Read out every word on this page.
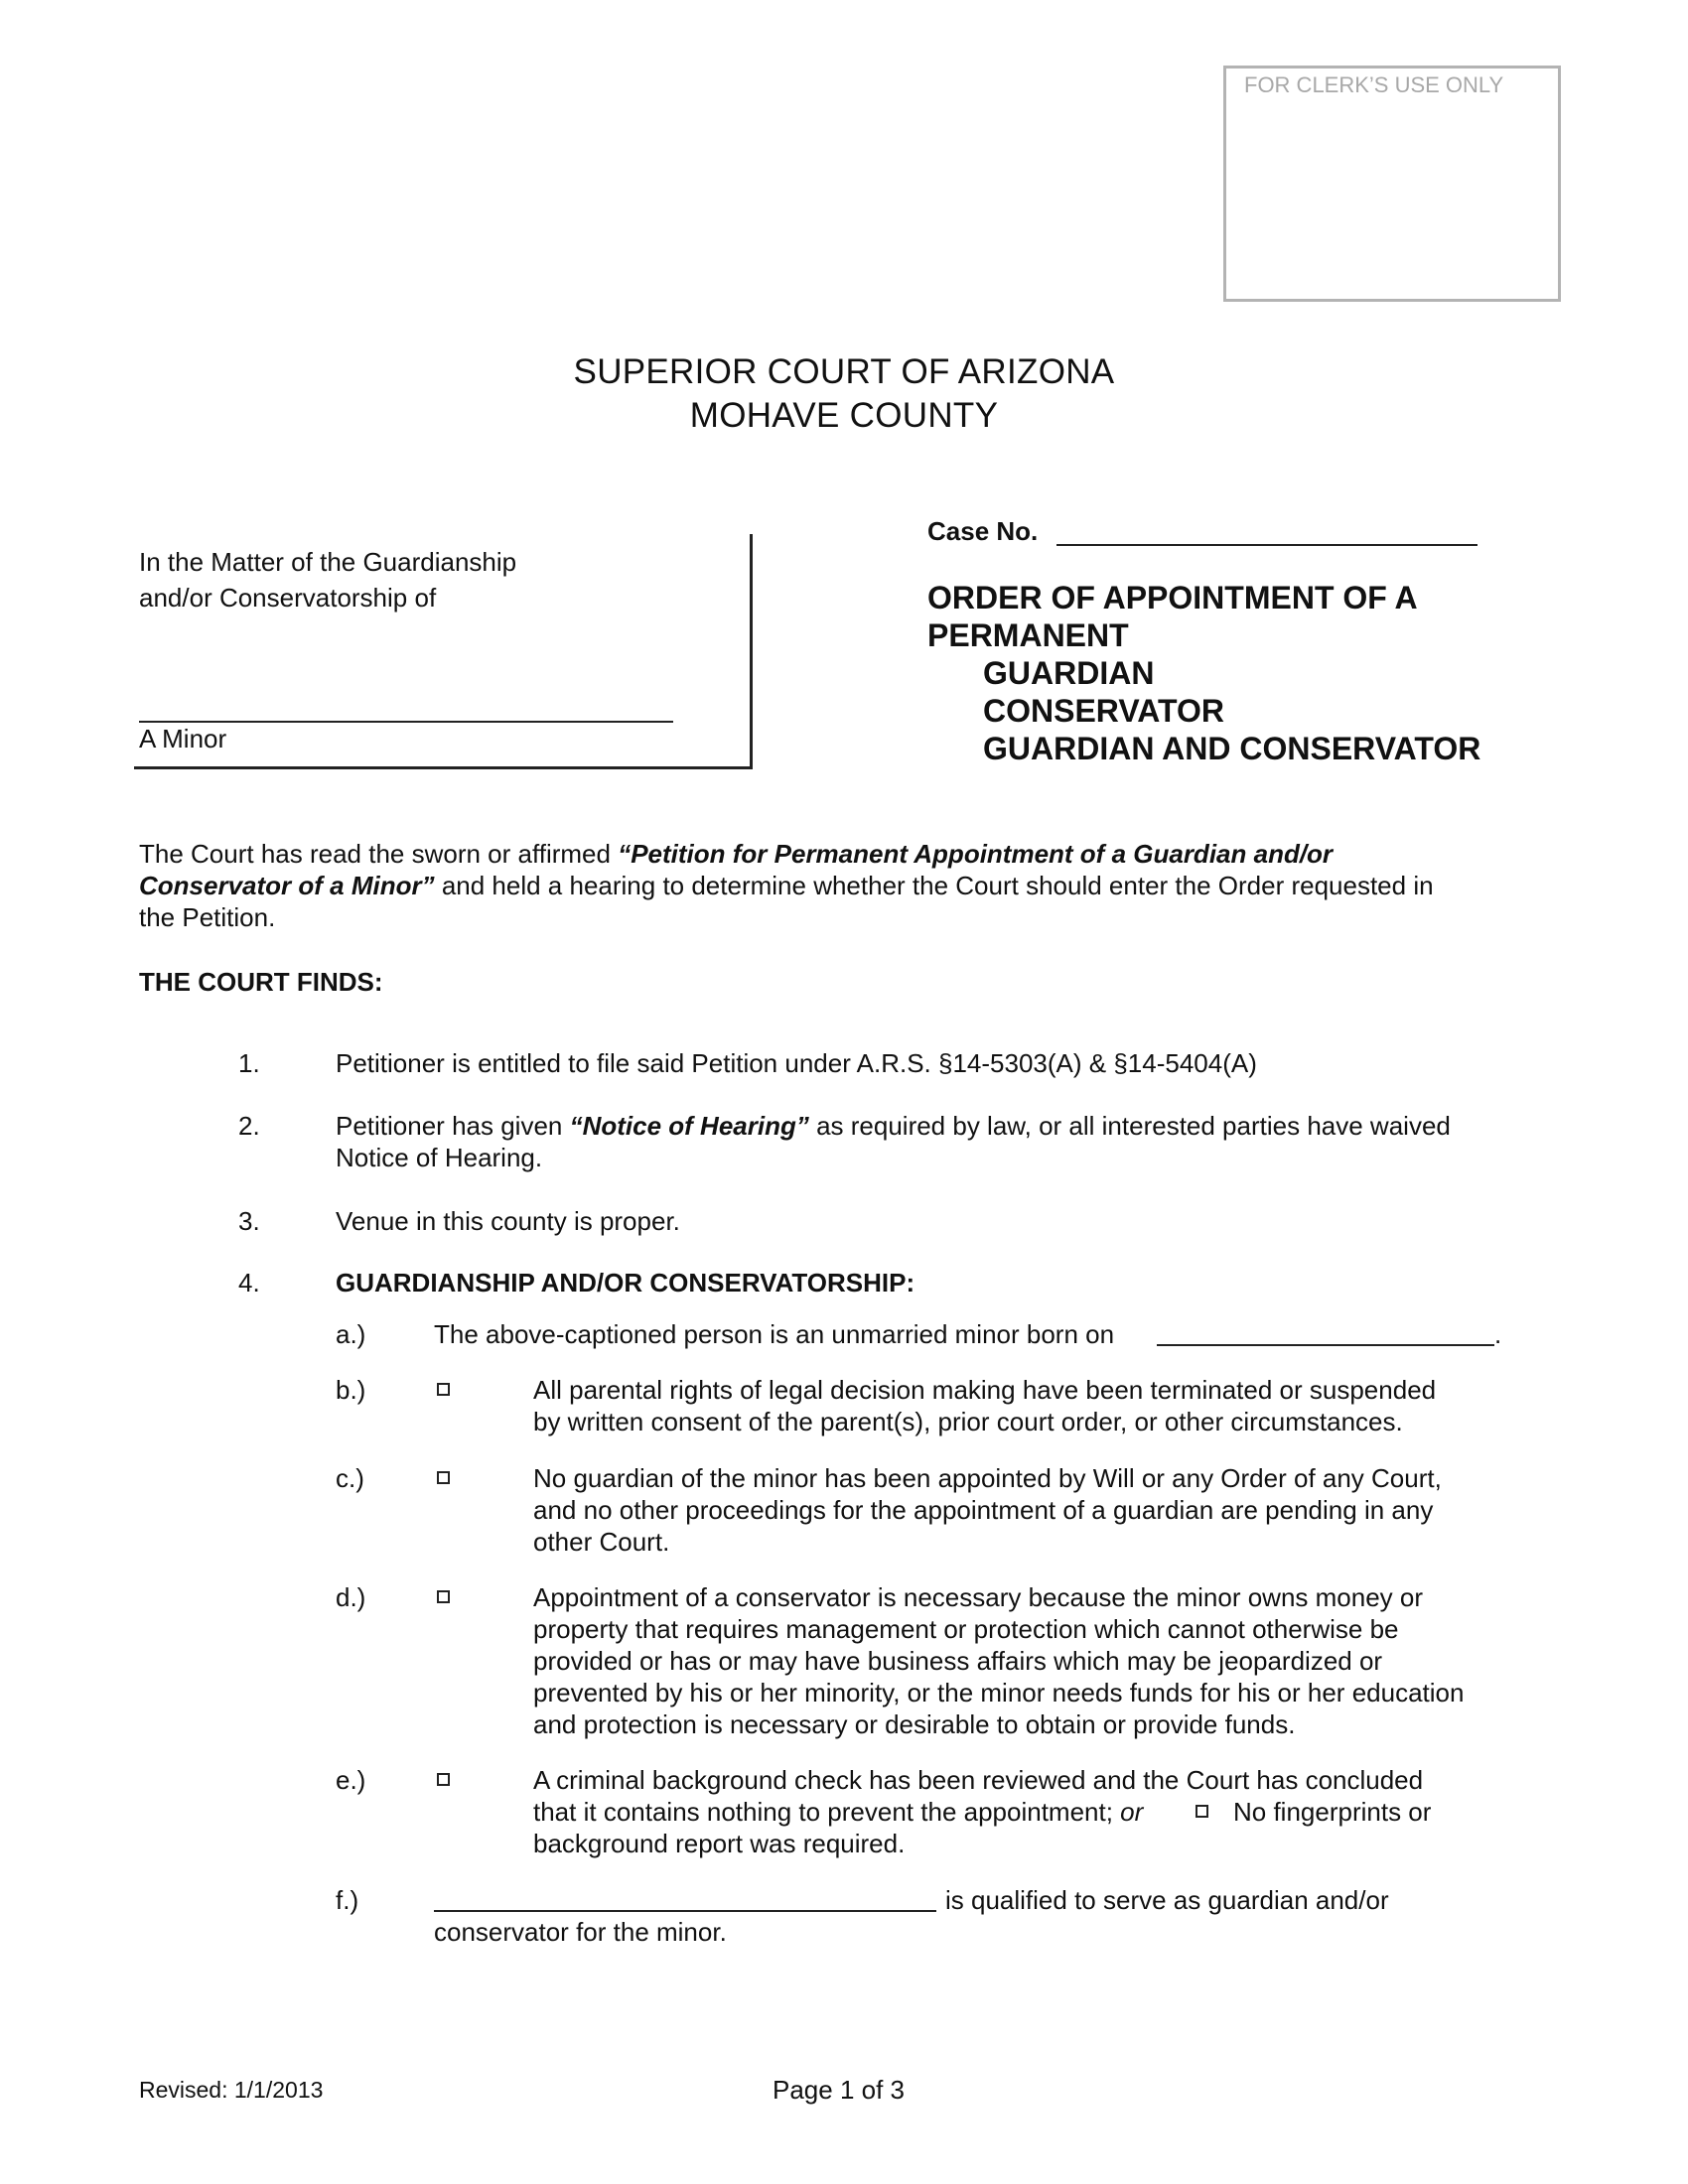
FOR CLERK’S USE ONLY
SUPERIOR COURT OF ARIZONA
MOHAVE COUNTY
In the Matter of the Guardianship
and/or Conservatorship of
A Minor
Case No.
ORDER OF APPOINTMENT OF A
PERMANENT
GUARDIAN
CONSERVATOR
GUARDIAN AND CONSERVATOR
The Court has read the sworn or affirmed “Petition for Permanent Appointment of a Guardian and/or
Conservator of a Minor” and held a hearing to determine whether the Court should enter the Order requested in
the Petition.
THE COURT FINDS:
1.	Petitioner is entitled to file said Petition under A.R.S. §14-5303(A) & §14-5404(A)
2.	Petitioner has given “Notice of Hearing” as required by law, or all interested parties have waived
Notice of Hearing.
3.	Venue in this county is proper.
4.	GUARDIANSHIP AND/OR CONSERVATORSHIP:
a.)	The above-captioned person is an unmarried minor born on	.
b.)	All parental rights of legal decision making have been terminated or suspended
by written consent of the parent(s), prior court order, or other circumstances.
c.)	No guardian of the minor has been appointed by Will or any Order of any Court,
and no other proceedings for the appointment of a guardian are pending in any
other Court.
d.)	Appointment of a conservator is necessary because the minor owns money or
property that requires management or protection which cannot otherwise be
provided or has or may have business affairs which may be jeopardized or
prevented by his or her minority, or the minor needs funds for his or her education
and protection is necessary or desirable to obtain or provide funds.
e.)	A criminal background check has been reviewed and the Court has concluded
that it contains nothing to prevent the appointment; or	No fingerprints or
background report was required.
f.)	is qualified to serve as guardian and/or
conservator for the minor.
Revised: 1/1/2013	Page 1 of 3
